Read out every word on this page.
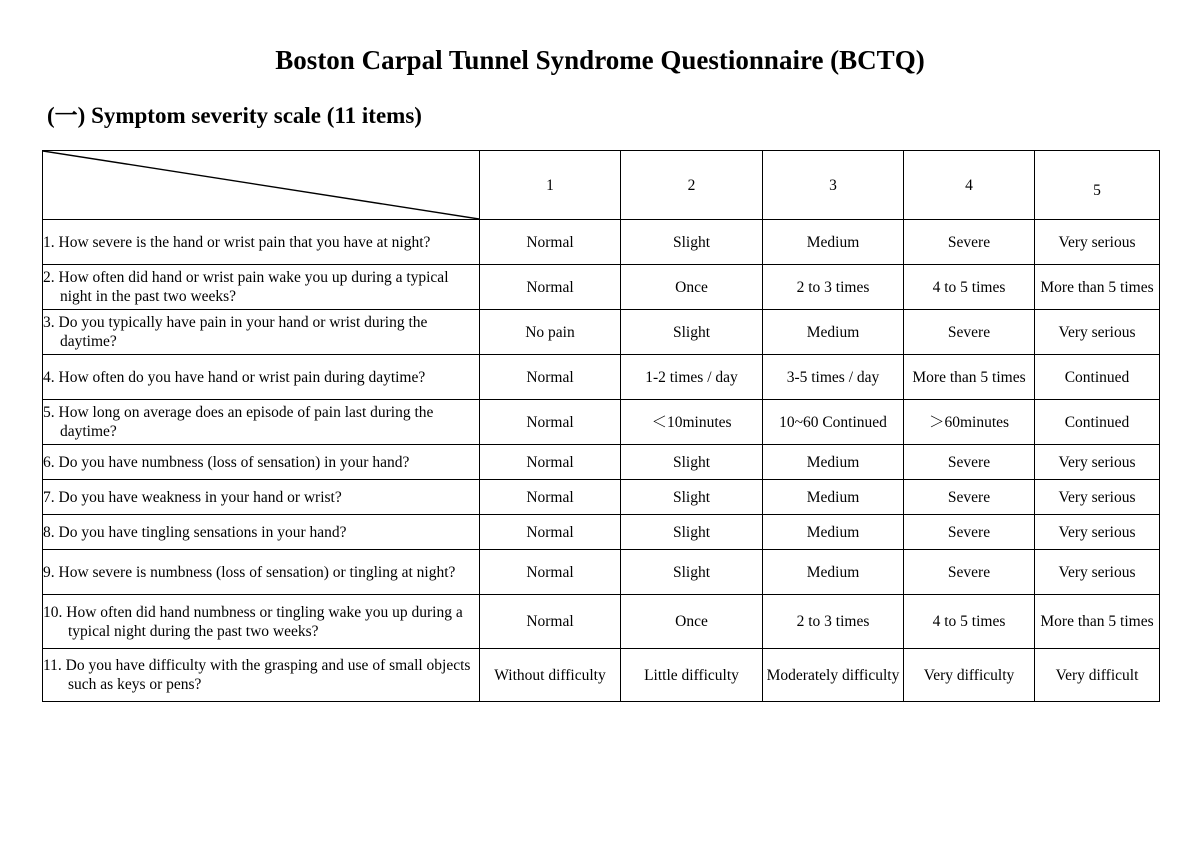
Boston Carpal Tunnel Syndrome Questionnaire (BCTQ)
(一) Symptom severity scale (11 items)
	1	2	3	4	5

1. How severe is the hand or wrist pain that you have at night?	Normal	Slight	Medium	Severe	Very serious

2. How often did hand or wrist pain wake you up during a typical night in the past two weeks?	Normal	Once	2 to 3 times	4 to 5 times	More than 5 times

3. Do you typically have pain in your hand or wrist during the daytime?	No pain	Slight	Medium	Severe	Very serious

4. How often do you have hand or wrist pain during daytime?	Normal	1-2 times / day	3-5 times / day	More than 5 times	Continued

5. How long on average does an episode of pain last during the daytime?	Normal	＜10minutes	10~60 Continued	＞60minutes	Continued

6. Do you have numbness (loss of sensation) in your hand?	Normal	Slight	Medium	Severe	Very serious

7. Do you have weakness in your hand or wrist?	Normal	Slight	Medium	Severe	Very serious

8. Do you have tingling sensations in your hand?	Normal	Slight	Medium	Severe	Very serious

9. How severe is numbness (loss of sensation) or tingling at night?	Normal	Slight	Medium	Severe	Very serious

10. How often did hand numbness or tingling wake you up during a typical night during the past two weeks?	Normal	Once	2 to 3 times	4 to 5 times	More than 5 times

11. Do you have difficulty with the grasping and use of small objects such as keys or pens?	Without difficulty	Little difficulty	Moderately difficulty	Very difficulty	Very difficult
